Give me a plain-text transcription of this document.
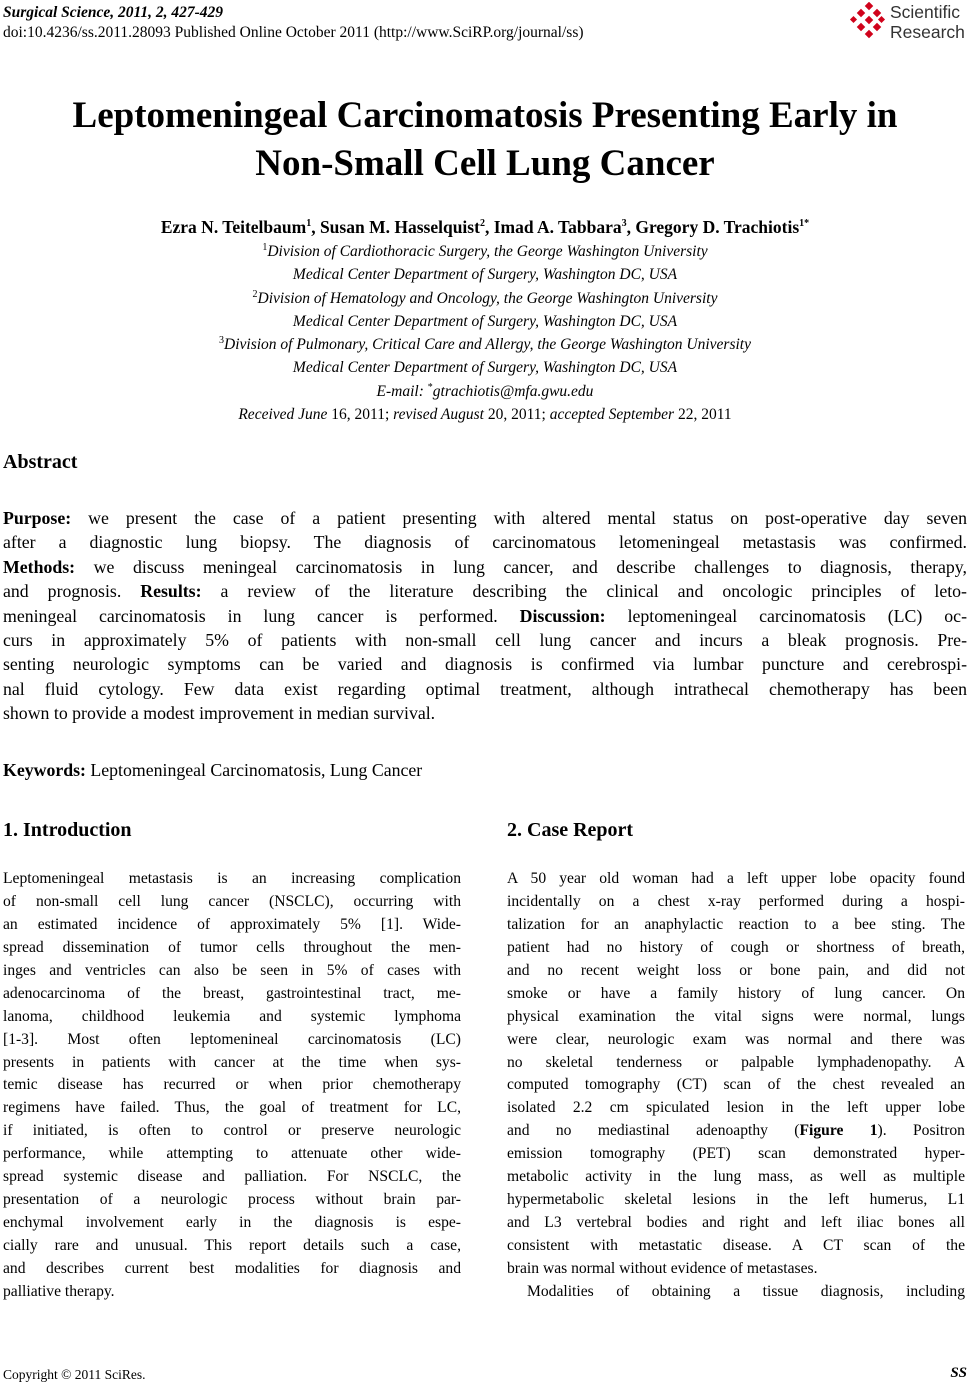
Surgical Science, 2011, 2, 427-429
doi:10.4236/ss.2011.28093 Published Online October 2011 (http://www.SciRP.org/journal/ss)
Scientific
Research
Leptomeningeal Carcinomatosis Presenting Early in
Non-Small Cell Lung Cancer
Ezra N. Teitelbaum$^1$, Susan M. Hasselquist$^2$, Imad A. Tabbara$^3$, Gregory D. Trachiotis$^{1*}$
$^1$Division of Cardiothoracic Surgery, the George Washington University
Medical Center Department of Surgery, Washington DC, USA
$^2$Division of Hematology and Oncology, the George Washington University
Medical Center Department of Surgery, Washington DC, USA
$^3$Division of Pulmonary, Critical Care and Allergy, the George Washington University
Medical Center Department of Surgery, Washington DC, USA
E-mail: *gtrachiotis@mfa.gwu.edu
Received June 16, 2011; revised August 20, 2011; accepted September 22, 2011
Abstract
Purpose: we present the case of a patient presenting with altered mental status on post-operative day seven
after a diagnostic lung biopsy. The diagnosis of carcinomatous letomeningeal metastasis was confirmed.
Methods: we discuss meningeal carcinomatosis in lung cancer, and describe challenges to diagnosis, therapy,
and prognosis. Results: a review of the literature describing the clinical and oncologic principles of leto-
meningeal carcinomatosis in lung cancer is performed. Discussion: leptomeningeal carcinomatosis (LC) oc-
curs in approximately 5% of patients with non-small cell lung cancer and incurs a bleak prognosis. Pre-
senting neurologic symptoms can be varied and diagnosis is confirmed via lumbar puncture and cerebrospi-
nal fluid cytology. Few data exist regarding optimal treatment, although intrathecal chemotherapy has been
shown to provide a modest improvement in median survival.
Keywords: Leptomeningeal Carcinomatosis, Lung Cancer
1. Introduction	2. Case Report
Leptomeningeal metastasis is an increasing complication
of non-small cell lung cancer (NSCLC), occurring with
an estimated incidence of approximately 5% [1]. Wide-
spread dissemination of tumor cells throughout the men-
inges and ventricles can also be seen in 5% of cases with
adenocarcinoma of the breast, gastrointestinal tract, me-
lanoma, childhood leukemia and systemic lymphoma
[1-3]. Most often leptomenineal carcinomatosis (LC)
presents in patients with cancer at the time when sys-
temic disease has recurred or when prior chemotherapy
regimens have failed. Thus, the goal of treatment for LC,
if initiated, is often to control or preserve neurologic
performance, while attempting to attenuate other wide-
spread systemic disease and palliation. For NSCLC, the
presentation of a neurologic process without brain par-
enchymal involvement early in the diagnosis is espe-
cially rare and unusual. This report details such a case,
and describes current best modalities for diagnosis and
palliative therapy.
A 50 year old woman had a left upper lobe opacity found
incidentally on a chest x-ray performed during a hospi-
talization for an anaphylactic reaction to a bee sting. The
patient had no history of cough or shortness of breath,
and no recent weight loss or bone pain, and did not
smoke or have a family history of lung cancer. On
physical examination the vital signs were normal, lungs
were clear, neurologic exam was normal and there was
no skeletal tenderness or palpable lymphadenopathy. A
computed tomography (CT) scan of the chest revealed an
isolated 2.2 cm spiculated lesion in the left upper lobe
and no mediastinal adenoapthy (Figure 1). Positron
emission tomography (PET) scan demonstrated hyper-
metabolic activity in the lung mass, as well as multiple
hypermetabolic skeletal lesions in the left humerus, L1
and L3 vertebral bodies and right and left iliac bones all
consistent with metastatic disease. A CT scan of the
brain was normal without evidence of metastases.
Modalities of obtaining a tissue diagnosis, including
Copyright © 2011 SciRes.	SS
